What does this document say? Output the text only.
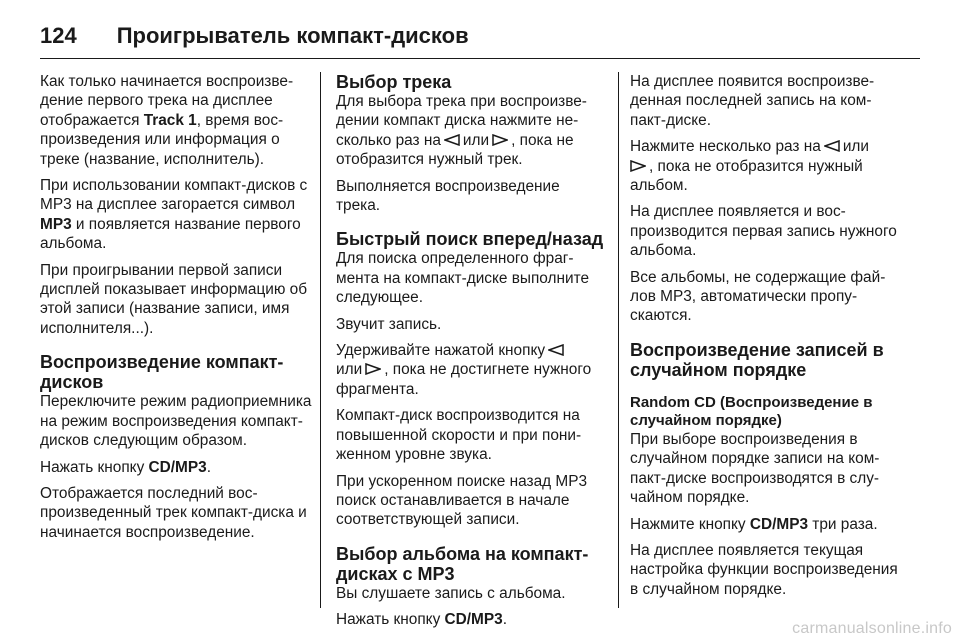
124 Проигрыватель компакт-дисков

Как только начинается воспроизведение первого трека на дисплее отображается Track 1, время воспроизведения или информация о треке (название, исполнитель).

При использовании компакт-дисков с MP3 на дисплее загорается символ MP3 и появляется название первого альбома.

При проигрывании первой записи дисплей показывает информацию об этой записи (название записи, имя исполнителя...).

Воспроизведение компакт-дисков

Переключите режим радиоприемника на режим воспроизведения компакт-дисков следующим образом.

Нажать кнопку CD/MP3.

Отображается последний воспроизведенный трек компакт-диска и начинается воспроизведение.

Выбор трека

Для выбора трека при воспроизведении компакт диска нажмите несколько раз на или , пока не отобразится нужный трек.

Выполняется воспроизведение трека.

Быстрый поиск вперед/назад

Для поиска определенного фрагмента на компакт-диске выполните следующее.

Звучит запись.

Удерживайте нажатой кнопку
или , пока не достигнете нужного фрагмента.

Компакт-диск воспроизводится на повышенной скорости и при пониженном уровне звука.

При ускоренном поиске назад MP3 поиск останавливается в начале соответствующей записи.

Выбор альбома на компакт-дисках с MP3

Вы слушаете запись с альбома.

Нажать кнопку CD/MP3.

На дисплее появится воспроизведенная последней запись на компакт-диске.

Нажмите несколько раз на или
, пока не отобразится нужный альбом.

На дисплее появляется и воспроизводится первая запись нужного альбома.

Все альбомы, не содержащие файлов MP3, автоматически пропускаются.

Воспроизведение записей в случайном порядке
Random CD (Воспроизведение в случайном порядке)

При выборе воспроизведения в случайном порядке записи на компакт-диске воспроизводятся в случайном порядке.

Нажмите кнопку CD/MP3 три раза.

На дисплее появляется текущая настройка функции воспроизведения в случайном порядке.

carmanualsonline.info
